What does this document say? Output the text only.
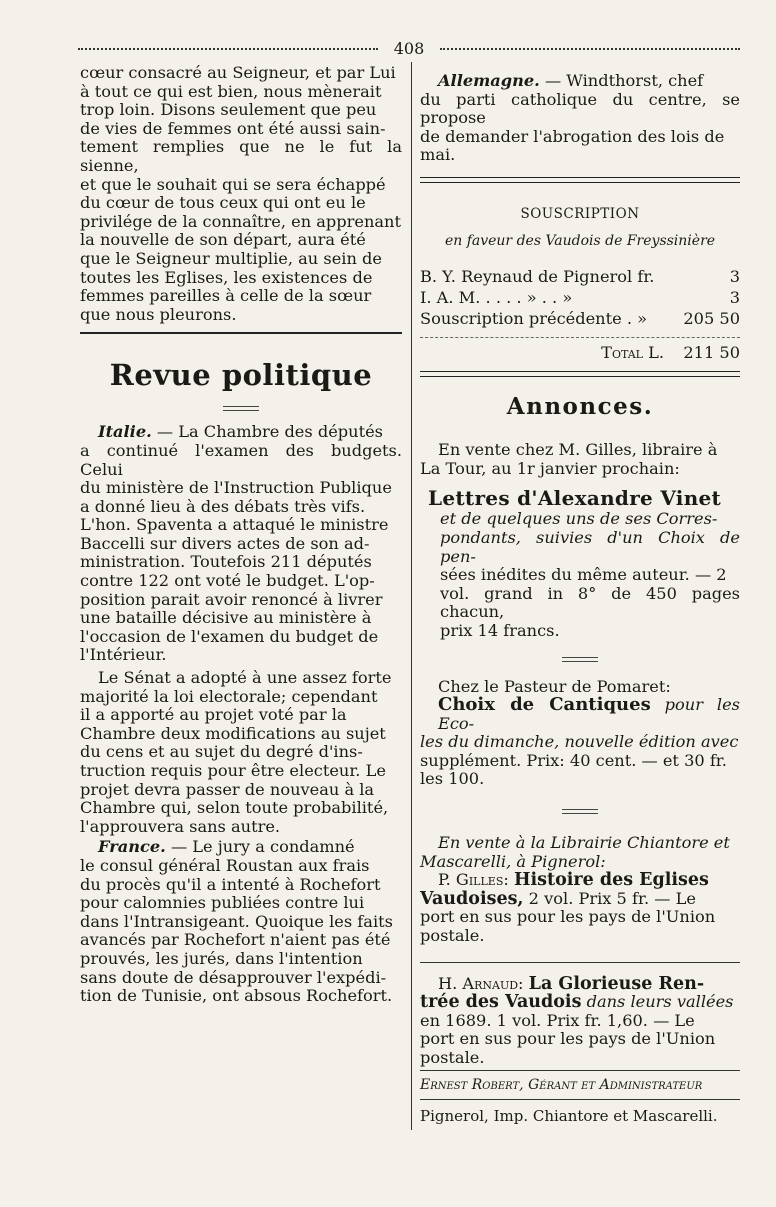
408
cœur consacré au Seigneur, et par Lui
à tout ce qui est bien, nous mènerait
trop loin. Disons seulement que peu
de vies de femmes ont été aussi sain-
tement remplies que ne le fut la sienne,
et que le souhait qui se sera échappé
du cœur de tous ceux qui ont eu le
privilége de la connaître, en apprenant
la nouvelle de son départ, aura été
que le Seigneur multiplie, au sein de
toutes les Eglises, les existences de
femmes pareilles à celle de la sœur
que nous pleurons.
Revue politique
Italie. — La Chambre des députés
a continué l'examen des budgets. Celui
du ministère de l'Instruction Publique
a donné lieu à des débats très vifs.
L'hon. Spaventa a attaqué le ministre
Baccelli sur divers actes de son ad-
ministration. Toutefois 211 députés
contre 122 ont voté le budget. L'op-
position parait avoir renoncé à livrer
une bataille décisive au ministère à
l'occasion de l'examen du budget de
l'Intérieur.
Le Sénat a adopté à une assez forte
majorité la loi electorale; cependant
il a apporté au projet voté par la
Chambre deux modifications au sujet
du cens et au sujet du degré d'ins-
truction requis pour être electeur. Le
projet devra passer de nouveau à la
Chambre qui, selon toute probabilité,
l'approuvera sans autre.
France. — Le jury a condamné
le consul général Roustan aux frais
du procès qu'il a intenté à Rochefort
pour calomnies publiées contre lui
dans l'Intransigeant. Quoique les faits
avancés par Rochefort n'aient pas été
prouvés, les jurés, dans l'intention
sans doute de désapprouver l'expédi-
tion de Tunisie, ont absous Rochefort.
Allemagne. — Windthorst, chef
du parti catholique du centre, se propose
de demander l'abrogation des lois de
mai.
SOUSCRIPTION
en faveur des Vaudois de Freyssinière
B. Y. Reynaud de Pignerol fr.	3
I. A. M. . . . . » . . »	3
Souscription précédente . »	205 50
Total L.	211 50
Annonces.
En vente chez M. Gilles, libraire à
La Tour, au 1r janvier prochain:
Lettres d'Alexandre Vinet
et de quelques uns de ses Corres-
pondants, suivies d'un Choix de pen-
sées inédites du même auteur. — 2
vol. grand in 8° de 450 pages chacun,
prix 14 francs.
Chez le Pasteur de Pomaret:
Choix de Cantiques pour les Eco-
les du dimanche, nouvelle édition avec
supplément. Prix: 40 cent. — et 30 fr.
les 100.
En vente à la Librairie Chiantore et
Mascarelli, à Pignerol:
P. Gilles: Histoire des Eglises
Vaudoises, 2 vol. Prix 5 fr. — Le
port en sus pour les pays de l'Union
postale.
H. Arnaud: La Glorieuse Ren-
trée des Vaudois dans leurs vallées
en 1689. 1 vol. Prix fr. 1,60. — Le
port en sus pour les pays de l'Union
postale.
Ernest Robert, Gérant et Administrateur
Pignerol, Imp. Chiantore et Mascarelli.
